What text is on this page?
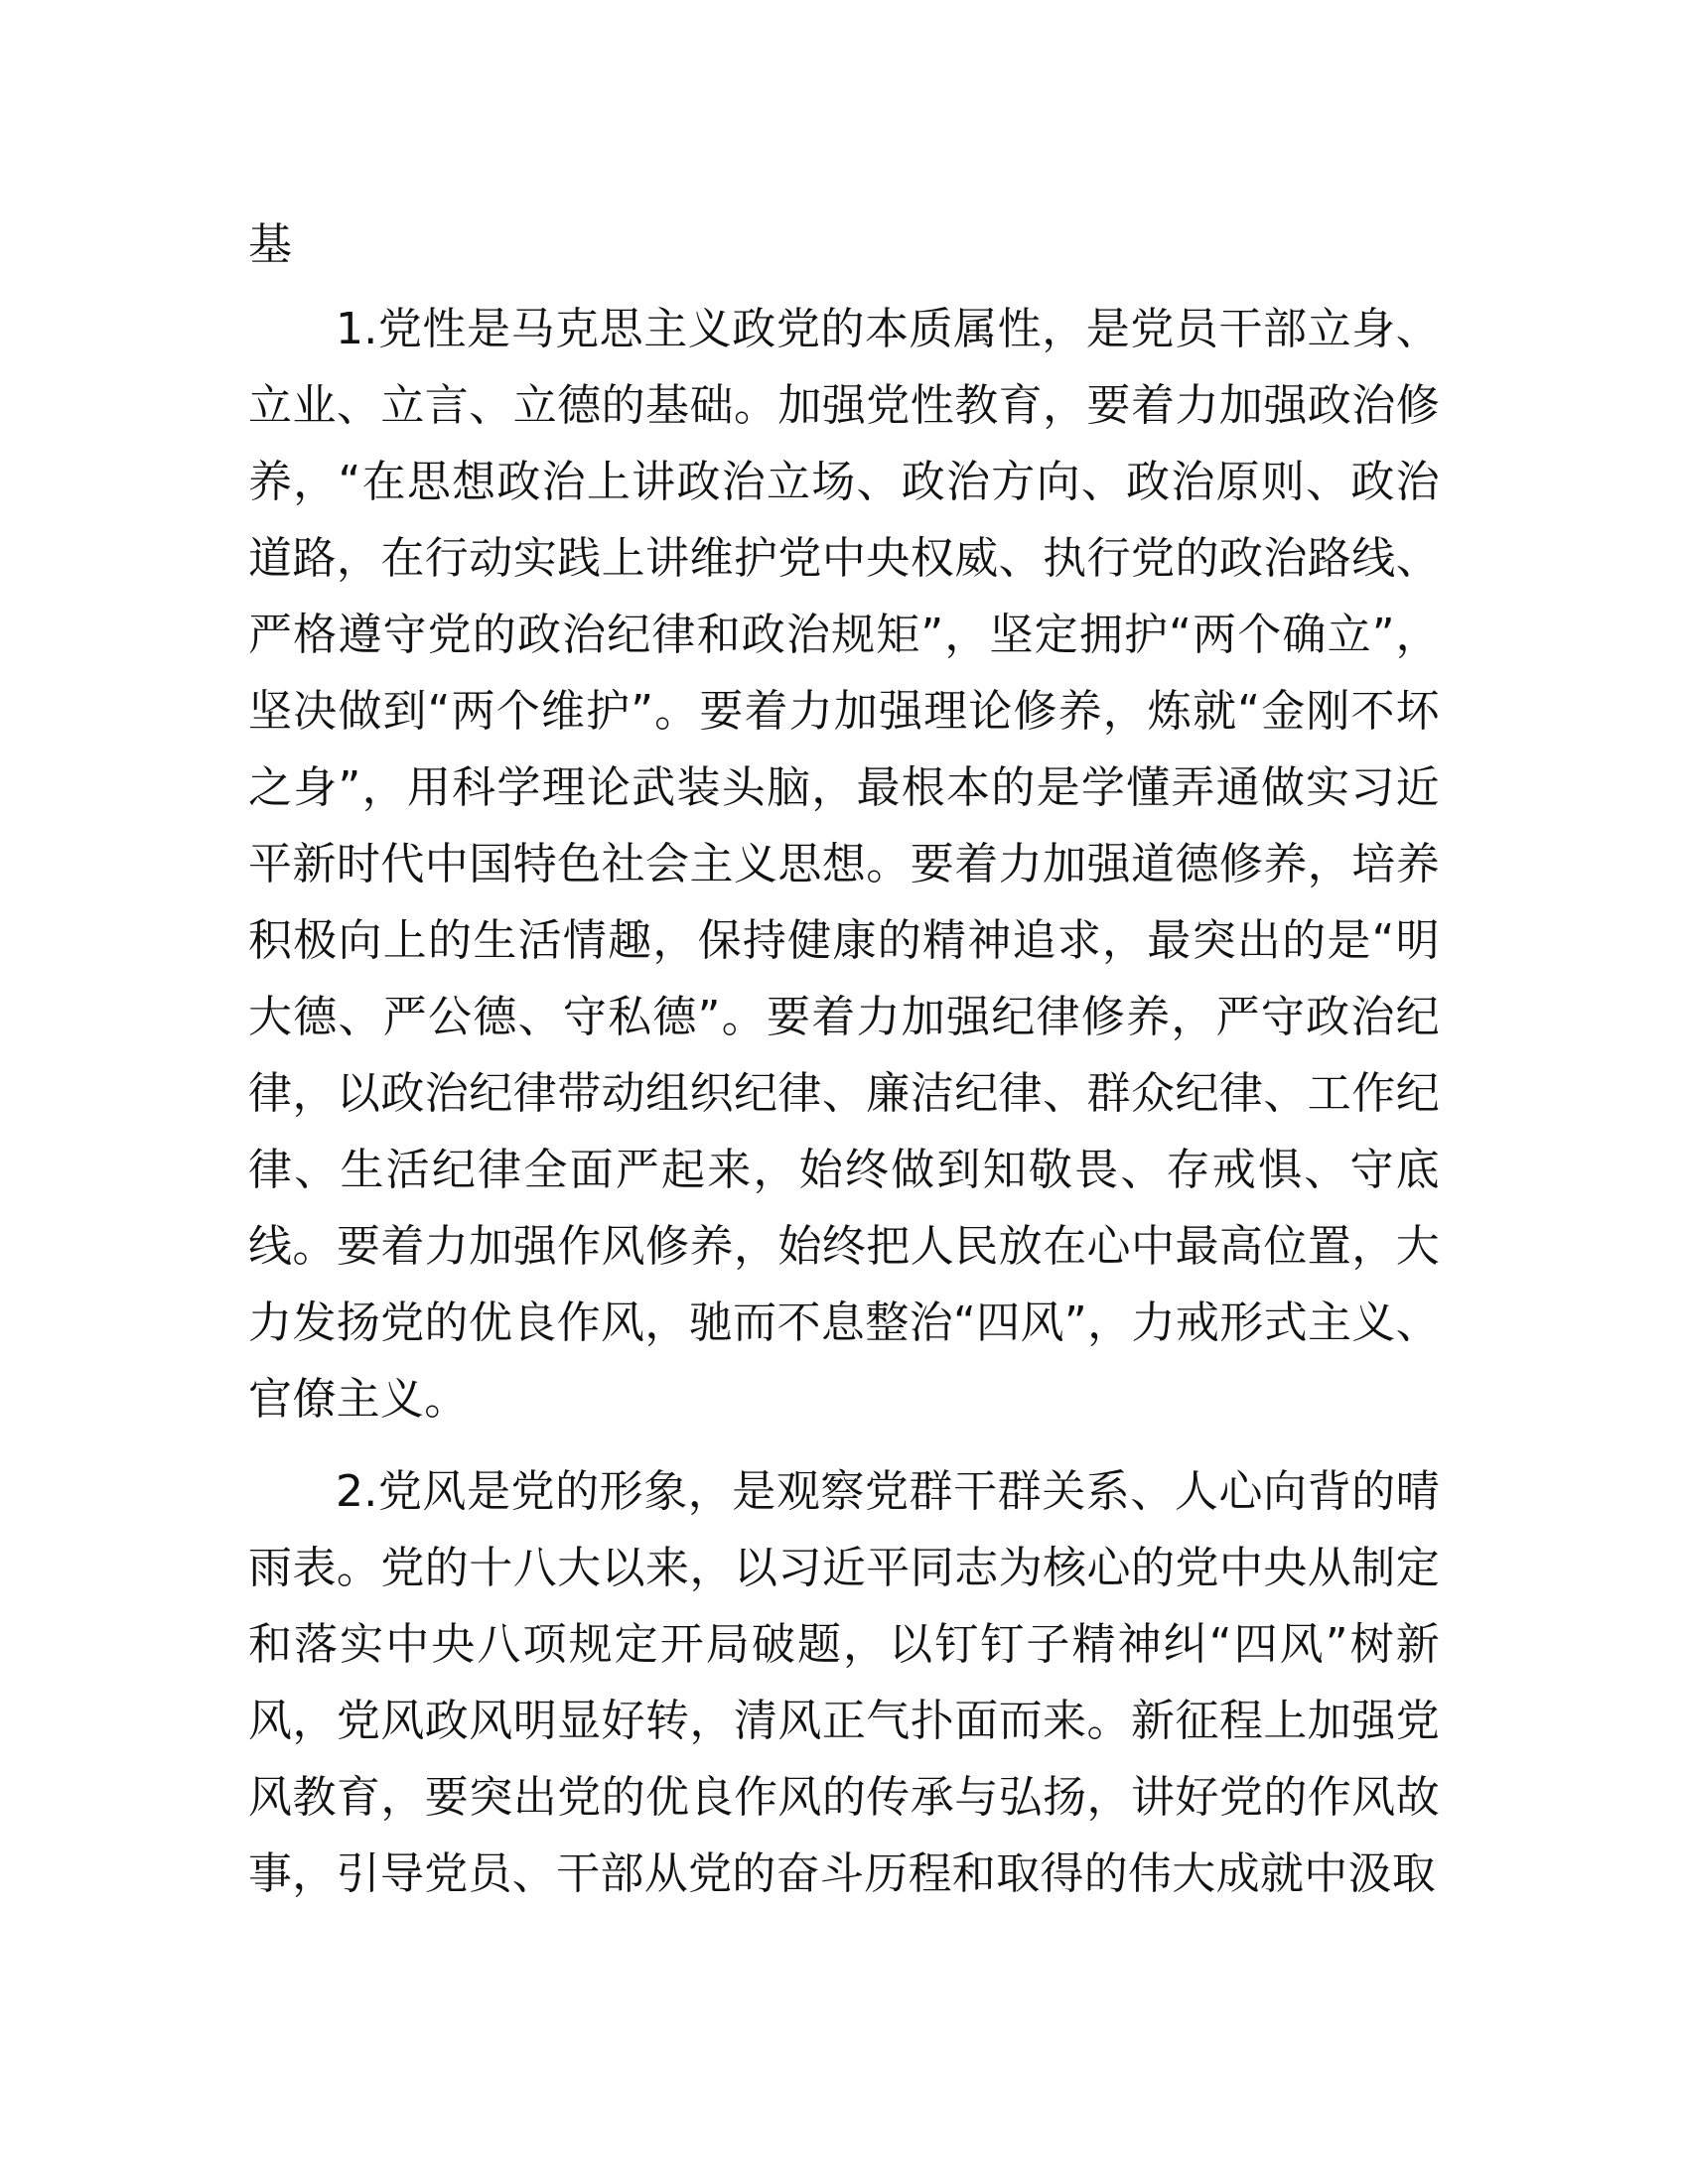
基

1.党性是马克思主义政党的本质属性，是党员干部立身、立业、立言、立德的基础。加强党性教育，要着力加强政治修养，“在思想政治上讲政治立场、政治方向、政治原则、政治道路，在行动实践上讲维护党中央权威、执行党的政治路线、严格遵守党的政治纪律和政治规矩”，坚定拥护“两个确立”，坚决做到“两个维护”。要着力加强理论修养，炼就“金刚不坏之身”，用科学理论武装头脑，最根本的是学懂弄通做实习近平新时代中国特色社会主义思想。要着力加强道德修养，培养积极向上的生活情趣，保持健康的精神追求，最突出的是“明大德、严公德、守私德”。要着力加强纪律修养，严守政治纪律，以政治纪律带动组织纪律、廉洁纪律、群众纪律、工作纪律、生活纪律全面严起来，始终做到知敬畏、存戒惧、守底线。要着力加强作风修养，始终把人民放在心中最高位置，大力发扬党的优良作风，驰而不息整治“四风”，力戒形式主义、官僚主义。

2.党风是党的形象，是观察党群干群关系、人心向背的晴雨表。党的十八大以来，以习近平同志为核心的党中央从制定和落实中央八项规定开局破题，以钉钉子精神纠“四风”树新风，党风政风明显好转，清风正气扑面而来。新征程上加强党风教育，要突出党的优良作风的传承与弘扬，讲好党的作风故事，引导党员、干部从党的奋斗历程和取得的伟大成就中汲取
